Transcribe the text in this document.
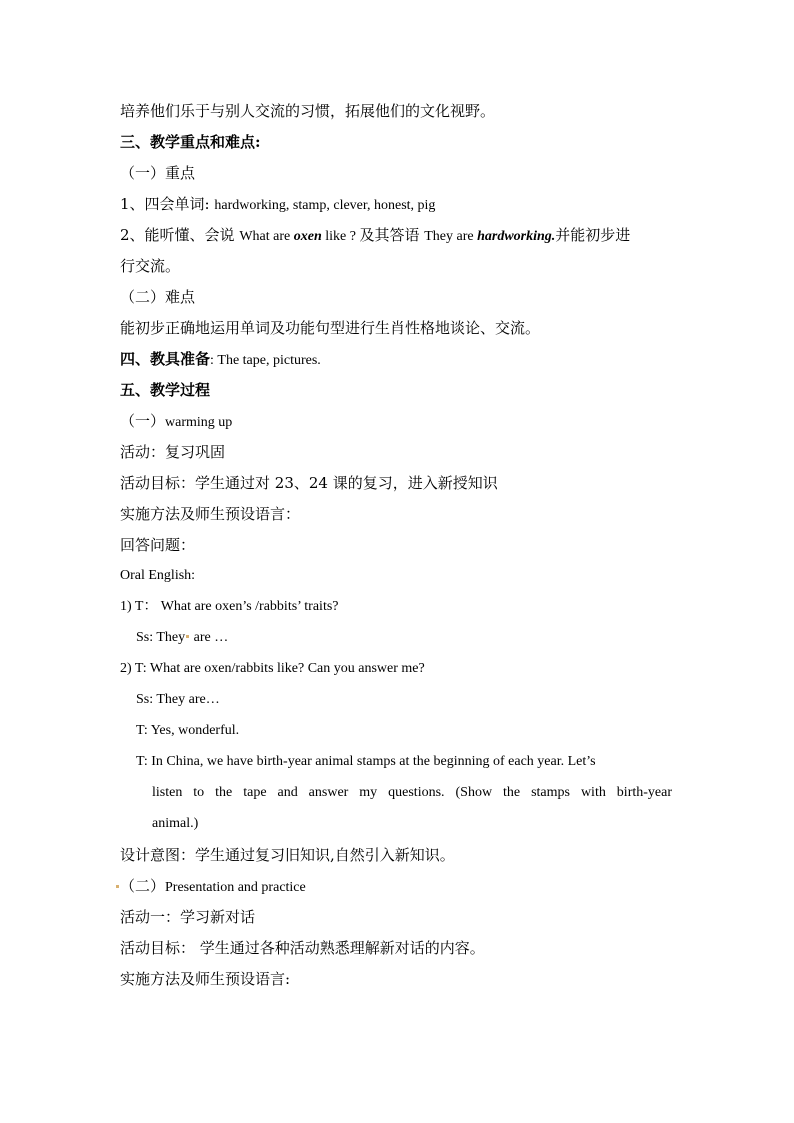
培养他们乐于与别人交流的习惯，拓展他们的文化视野。
三、教学重点和难点:
（一）重点
1、四会单词: hardworking, stamp, clever, honest, pig
2、能听懂、会说 What are oxen like ? 及其答语 They are hardworking.并能初步进
行交流。
（二）难点
能初步正确地运用单词及功能句型进行生肖性格地谈论、交流。
四、教具准备: The tape, pictures.
五、教学过程
（一）warming up
活动：复习巩固
活动目标：学生通过对 23、24 课的复习，进入新授知识
实施方法及师生预设语言：
回答问题：
Oral English:
1) T： What are oxen’s /rabbits’ traits?
Ss: They are …
2) T: What are oxen/rabbits like? Can you answer me?
Ss: They are…
T: Yes, wonderful.
T: In China, we have birth-year animal stamps at the beginning of each year. Let’s
listen to the tape and answer my questions. (Show the stamps with birth-year
animal.)
设计意图：学生通过复习旧知识,自然引入新知识。
（二）Presentation and practice
活动一：学习新对话
活动目标： 学生通过各种活动熟悉理解新对话的内容。
实施方法及师生预设语言:
